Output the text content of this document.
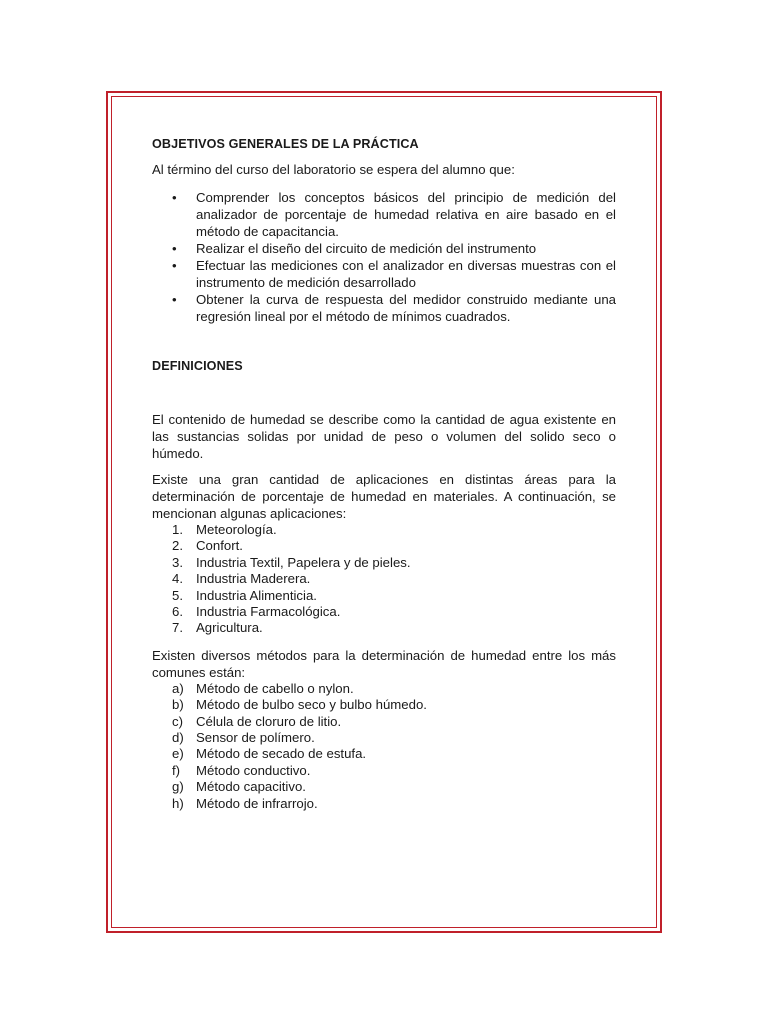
OBJETIVOS GENERALES DE LA PRÁCTICA

Al término del curso del laboratorio se espera del alumno que:

• Comprender los conceptos básicos del principio de medición del analizador de porcentaje de humedad relativa en aire basado en el método de capacitancia.
• Realizar el diseño del circuito de medición del instrumento
• Efectuar las mediciones con el analizador en diversas muestras con el instrumento de medición desarrollado
• Obtener la curva de respuesta del medidor construido mediante una regresión lineal por el método de mínimos cuadrados.
DEFINICIONES

El contenido de humedad se describe como la cantidad de agua existente en las sustancias solidas por unidad de peso o volumen del solido seco o húmedo.

Existe una gran cantidad de aplicaciones en distintas áreas para la determinación de porcentaje de humedad en materiales. A continuación, se mencionan algunas aplicaciones:

1. Meteorología.
2. Confort.
3. Industria Textil, Papelera y de pieles.
4. Industria Maderera.
5. Industria Alimenticia.
6. Industria Farmacológica.
7. Agricultura.

Existen diversos métodos para la determinación de humedad entre los más comunes están:

a) Método de cabello o nylon.
b) Método de bulbo seco y bulbo húmedo.
c) Célula de cloruro de litio.
d) Sensor de polímero.
e) Método de secado de estufa.
f) Método conductivo.
g) Método capacitivo.
h) Método de infrarrojo.
